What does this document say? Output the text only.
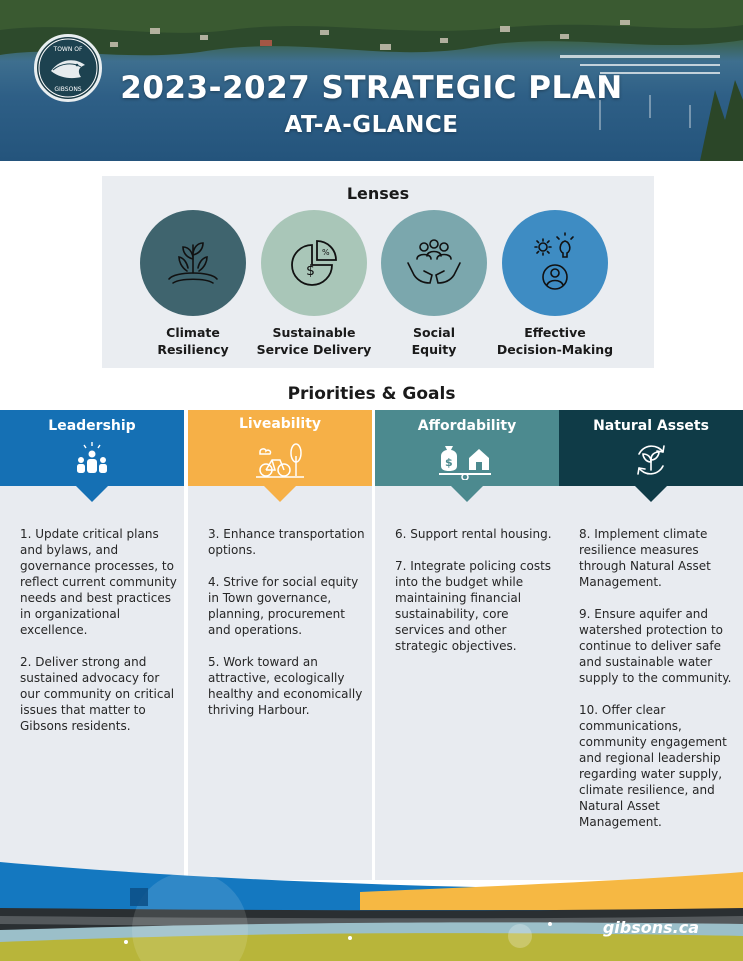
TOWN OF
GIBSONS	2023-2027 STRATEGIC PLAN
AT-A-GLANCE
Lenses
Climate
Resiliency
$
%
Sustainable
Service Delivery
Social
Equity
Effective
Decision-Making
Priorities & Goals
Leadership
1. Update critical plans and bylaws, and governance processes, to reflect current community needs and best practices in organizational excellence.
2. Deliver strong and sustained advocacy for our community on critical issues that matter to Gibsons residents.
Liveability
3. Enhance transportation options.
4. Strive for social equity in Town governance, planning, procurement and operations.
5. Work toward an attractive, ecologically healthy and economically thriving Harbour.
Affordability
$
6. Support rental housing.
7. Integrate policing costs into the budget while maintaining financial sustainability, core services and other strategic objectives.
Natural Assets
8. Implement climate resilience measures through Natural Asset Management.
9. Ensure aquifer and watershed protection to continue to deliver safe and sustainable water supply to the community.
10. Offer clear communications, community engagement and regional leadership regarding water supply, climate resilience, and Natural Asset Management.
gibsons.ca
